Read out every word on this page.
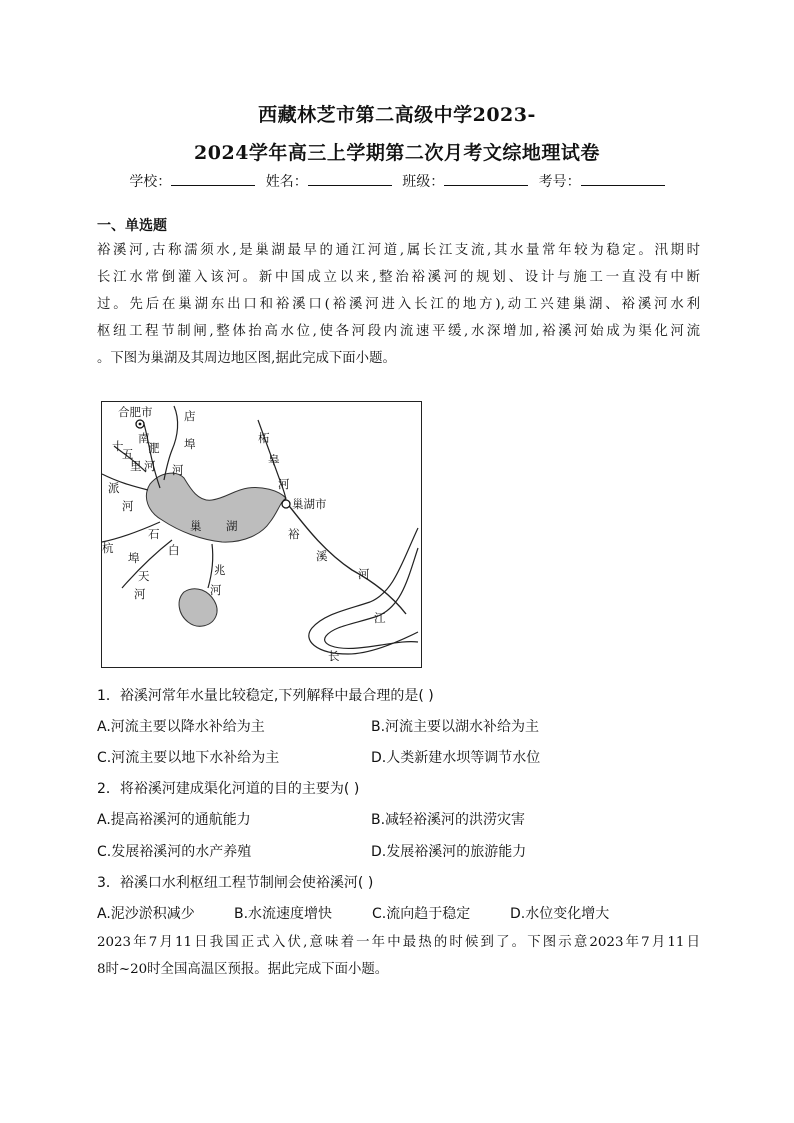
西藏林芝市第二高级中学2023-
2024学年高三上学期第二次月考文综地理试卷
学校：	姓名：	班级：	考号：
一、单选题
裕溪河,古称濡须水,是巢湖最早的通江河道,属长江支流,其水量常年较为稳定。汛期时
长江水常倒灌入该河。新中国成立以来,整治裕溪河的规划、设计与施工一直没有中断
过。先后在巢湖东出口和裕溪口(裕溪河进入长江的地方),动工兴建巢湖、裕溪河水利
枢纽工程节制闸,整体抬高水位,使各河段内流速平缓,水深增加,裕溪河始成为渠化河流
。下图为巢湖及其周边地区图,据此完成下面小题。
合肥市	店
南
淝
十
五
里 河
埠
河
派
河
柘
皋
河
巢湖市
巢 湖
裕
溪
河
杭
石
白
埠
天
河
兆
河
江
长
1．裕溪河常年水量比较稳定,下列解释中最合理的是( )
A.河流主要以降水补给为主	B.河流主要以湖水补给为主
C.河流主要以地下水补给为主	D.人类新建水坝等调节水位
2．将裕溪河建成渠化河道的目的主要为( )
A.提高裕溪河的通航能力	B.减轻裕溪河的洪涝灾害
C.发展裕溪河的水产养殖	D.发展裕溪河的旅游能力
3．裕溪口水利枢纽工程节制闸会使裕溪河( )
A.泥沙淤积减少	B.水流速度增快	C.流向趋于稳定	D.水位变化增大
2023年7月11日我国正式入伏,意味着一年中最热的时候到了。下图示意2023年7月11日
8时~20时全国高温区预报。据此完成下面小题。
